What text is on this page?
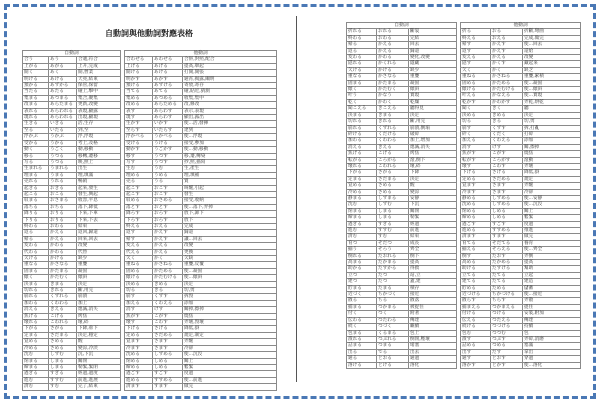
自動詞與他動詞對應表格
自動詞				他動詞		
合う	あう	合適,符合		合わせる	あわせる	合併,對照,配合
上がる	あがる	上升,完成		上げる	あげる	提高,舉起
開く	あく	開,營業		開ける	あける	打開,開張
明ける	あける	天亮,結束		明かす	あかす	通宵,揭露,闡明
預かる	あずかる	保管,保留		預ける	あずける	寄放,寄存
当たる	あたる	碰上,擊中		当てる	あてる	碰,貼近,猜測
集まる	あつまる	集合,聚集		集める	あつめる	收集,集中
改まる	あらたまる	更新,改變		改める	あらためる	改,修改
表れる	あらわれる	表現,顯露		表す	あらわす	表示,表現
現れる	あらわれる	出現,顯現		現す	あらわす	顯出,露出
生きる	いきる	活,生存		生かす	いかす	使...活,發揮
至る	いたる	到,至		至らす	いたらす	達到
浮かぶ	うかぶ	浮,浮現		浮かべる	うかべる	使...浮現
受かる	うかる	考上,及格		受ける	うける	接受,參加
動く	うごく	動,移動		動かす	うごかす	使...動,移動
移る	うつる	移轉,遷移		移す	うつす	移,遷,傳染
写る	うつる	映,照上		写す	うつす	抄,照,描寫
生まれる	うまれる	出生		生む	うむ	生,產生
埋まる	うまる	埋,填滿		埋める	うめる	埋,填補
売れる	うれる	暢銷		売る	うる	賣
起きる	おきる	起來,發生		起こす	おこす	叫醒,引起
起こる	おこる	發生,興起		起こす	おこす	發生
収まる	おさまる	收容,平息		収める	おさめる	接受,收納
落ちる	おちる	落下,降低		落とす	おとす	使...落下,弄掉
降りる	おりる	下來,下車		降ろす	おろす	放下,卸下
下りる	おりる	下來,下去		下ろす	おろす	放下
終わる	おわる	結束		終える	おえる	完成
返る	かえる	返回,歸還		返す	かえす	歸還
帰る	かえる	回來,回去		帰す	かえす	讓...回去
変わる	かわる	改變		変える	かえる	改變
代わる	かわる	代替		代える	かえる	更換
欠ける	かける	缺少		欠く	かく	欠缺
重なる	かさなる	重疊		重ねる	かさねる	重疊,反覆
固まる	かたまる	凝固		固める	かためる	使...凝固
傾く	かたむく	傾斜		傾ける	かたむける	使...傾斜
決まる	きまる	決定		決める	きめる	決定
切れる	きれる	斷,用完		切る	きる	切,剪
崩れる	くずれる	崩潰		崩す	くずす	拆毀
加わる	くわわる	加上		加える	くわえる	添加
消える	きえる	熄滅,消失		消す	けす	關掉,擦掉
焦げる	こげる	烤焦		焦がす	こがす	燒焦
壊れる	こわれる	壞,碎		壊す	こわす	弄壞,毀壞
下がる	さがる	下降,垂下		下げる	さげる	降低,掛
定まる	さだまる	決定,穩定		定める	さだめる	規定,制定
覚める	さめる	醒		覚ます	さます	弄醒
冷める	さめる	變涼,冷淡		冷ます	さます	冷卻
沈む	しずむ	沉,下沉		沈める	しずめる	使...沉沒
閉まる	しまる	關閉		閉める	しめる	關上
締まる	しまる	勒緊,緊閉		締める	しめる	繫緊
過ぎる	すぎる	經過,過度		過ごす	すごす	度過
進む	すすむ	前進,進展		進める	すすめる	使...前進
済む	すむ	完了,結束		済ます	すます	做完
自動詞				他動詞		
折れる	おれる	斷裂		折る	おる	折斷,彎曲
終わる	おわる	完結		終える	おえる	完成,做完
帰る	かえる	回去		帰す	かえす	使...回去
返る	かえる	歸還		返す	かえす	還給
変わる	かわる	變化,改變		変える	かえる	改變
隠れる	かくれる	隱藏		隠す	かくす	藏起來
欠ける	かける	缺少		欠く	かく	缺乏
重なる	かさなる	重疊		重ねる	かさねる	重疊,累積
固まる	かたまる	凝固		固める	かためる	使...凝固
傾く	かたむく	傾斜		傾ける	かたむける	使...傾斜
叶う	かなう	實現		叶える	かなえる	使...實現
乾く	かわく	乾燥		乾かす	かわかす	弄乾,烘乾
聞こえる	きこえる	聽得見		聞く	きく	聽
決まる	きまる	決定		決める	きめる	決定
切れる	きれる	斷,用完		切る	きる	切,剪
崩れる	くずれる	崩潰,倒塌		崩す	くずす	拆,打亂
砕ける	くだける	破碎		砕く	くだく	打碎
加わる	くわわる	加上,增加		加える	くわえる	添加
消える	きえる	熄滅,消失		消す	けす	關,擦掉
焦げる	こげる	烤焦		焦がす	こがす	燒焦
転がる	ころがる	滾,倒下		転がす	ころがす	滾動
壊れる	こわれる	壞,碎		壊す	こわす	弄壞
下がる	さがる	下降		下げる	さげる	降低,掛
定まる	さだまる	決定		定める	さだめる	規定
覚める	さめる	醒		覚ます	さます	弄醒
冷める	さめる	變涼		冷ます	さます	冷卻
静まる	しずまる	安靜		静める	しずめる	使...安靜
沈む	しずむ	下沉		沈める	しずめる	使...沉沒
閉まる	しまる	關閉		閉める	しめる	關上
締まる	しまる	勒緊		締める	しめる	繫緊
過ぎる	すぎる	經過		過ごす	すごす	度過
進む	すすむ	前進		進める	すすめる	推進
済む	すむ	結束		済ます	すます	做完
育つ	そだつ	成長		育てる	そだてる	養育
揃う	そろう	齊全		揃える	そろえる	使...齊全
倒れる	たおれる	倒下		倒す	たおす	弄倒
高まる	たかまる	提高		高める	たかめる	提高
助かる	たすかる	得救		助ける	たすける	幫助
立つ	たつ	站,立		立てる	たてる	立起
建つ	たつ	蓋,建		建てる	たてる	建造
貯まる	たまる	積存		貯める	ためる	儲蓄
近づく	ちかづく	接近		近づける	ちかづける	使...接近
散る	ちる	散落		散らす	ちらす	弄散
捕まる	つかまる	被捉住		捕まえる	つかまえる	捉住
付く	つく	附著		付ける	つける	安裝,附加
伝わる	つたわる	傳達		伝える	つたえる	傳達
続く	つづく	繼續		続ける	つづける	持續
包まる	くるまる	包上		包む	つつむ	包
潰れる	つぶれる	倒閉,壓壞		潰す	つぶす	弄碎,消磨
詰まる	つまる	堵塞		詰める	つめる	塞滿
出る	でる	出去		出す	だす	拿出
通る	とおる	通過		通す	とおす	穿過
溶ける	とける	溶化		溶かす	とかす	使...溶化
